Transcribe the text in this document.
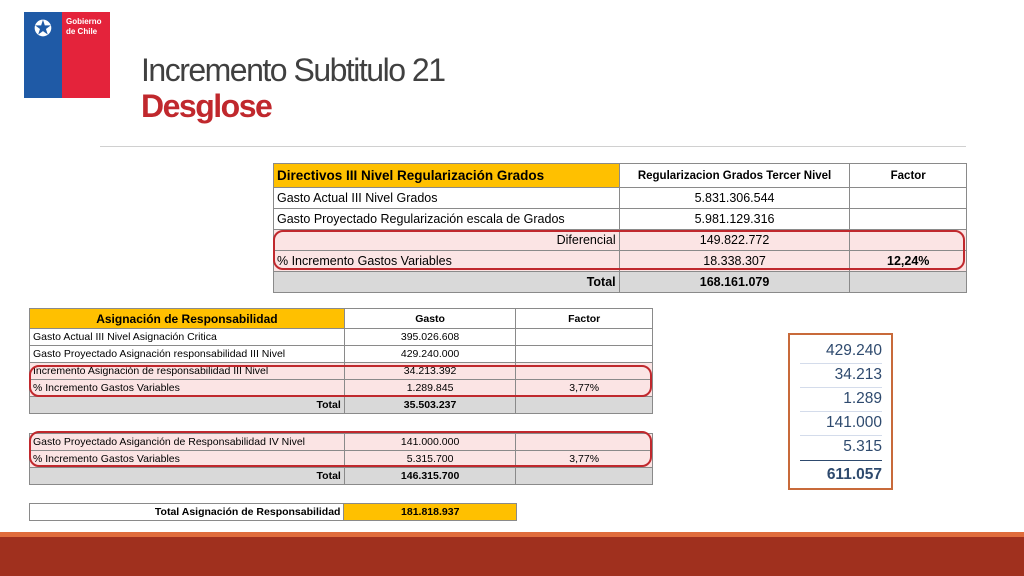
✪	Gobierno
de Chile
Incremento Subtitulo 21
Desglose
Directivos III Nivel Regularización Grados	Regularizacion Grados Tercer Nivel	Factor
Gasto Actual III Nivel Grados	5.831.306.544	
Gasto Proyectado Regularización escala de Grados	5.981.129.316	
Diferencial	149.822.772	
% Incremento Gastos Variables	18.338.307	12,24%
Total	168.161.079	
Asignación de Responsabilidad	Gasto	Factor
Gasto Actual III Nivel Asignación Critica	395.026.608	
Gasto Proyectado Asignación responsabilidad III Nivel	429.240.000	
Incremento Asignación de responsabilidad III Nivel	34.213.392	
% Incremento Gastos Variables	1.289.845	3,77%
Total	35.503.237	
Gasto Proyectado Asiganción de Responsabilidad IV Nivel	141.000.000	
% Incremento Gastos Variables	5.315.700	3,77%
Total	146.315.700	
Total Asignación de Responsabilidad	181.818.937
429.240
34.213
1.289
141.000
5.315
611.057
